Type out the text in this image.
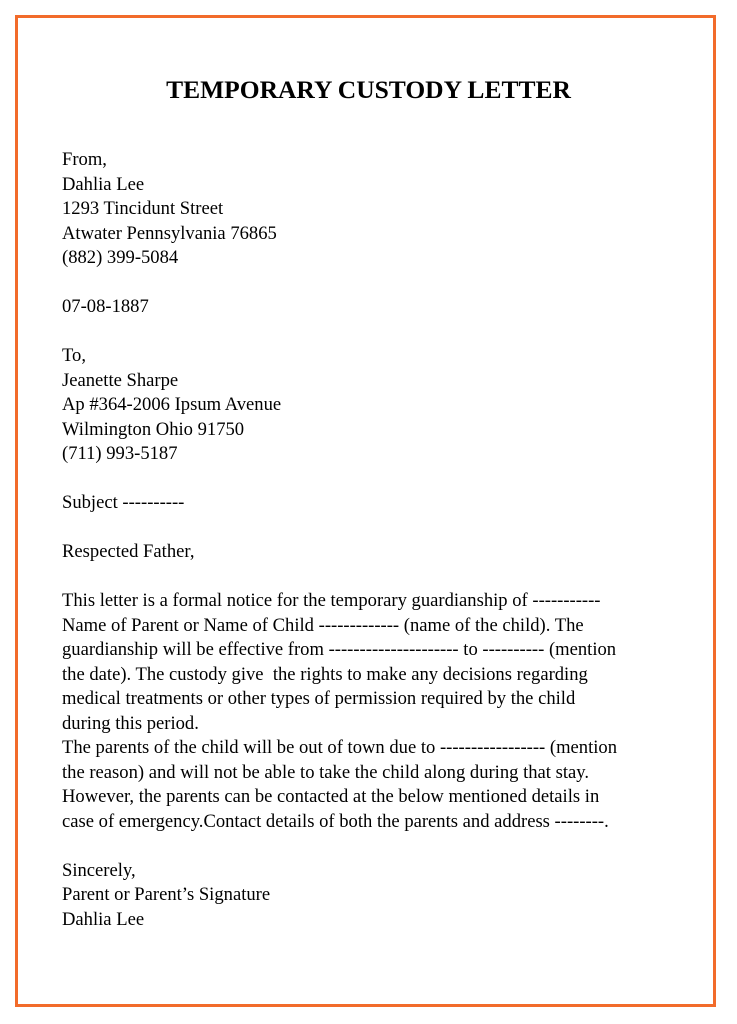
TEMPORARY CUSTODY LETTER
From,
Dahlia Lee
1293 Tincidunt Street
Atwater Pennsylvania 76865
(882) 399-5084
07-08-1887
To,
Jeanette Sharpe
Ap #364-2006 Ipsum Avenue
Wilmington Ohio 91750
(711) 993-5187
Subject ----------
Respected Father,
This letter is a formal notice for the temporary guardianship of -----------
Name of Parent or Name of Child ------------- (name of the child). The
guardianship will be effective from --------------------- to ---------- (mention
the date). The custody give  the rights to make any decisions regarding
medical treatments or other types of permission required by the child
during this period.
The parents of the child will be out of town due to ----------------- (mention
the reason) and will not be able to take the child along during that stay.
However, the parents can be contacted at the below mentioned details in
case of emergency.Contact details of both the parents and address --------.
Sincerely,
Parent or Parent’s Signature
Dahlia Lee
